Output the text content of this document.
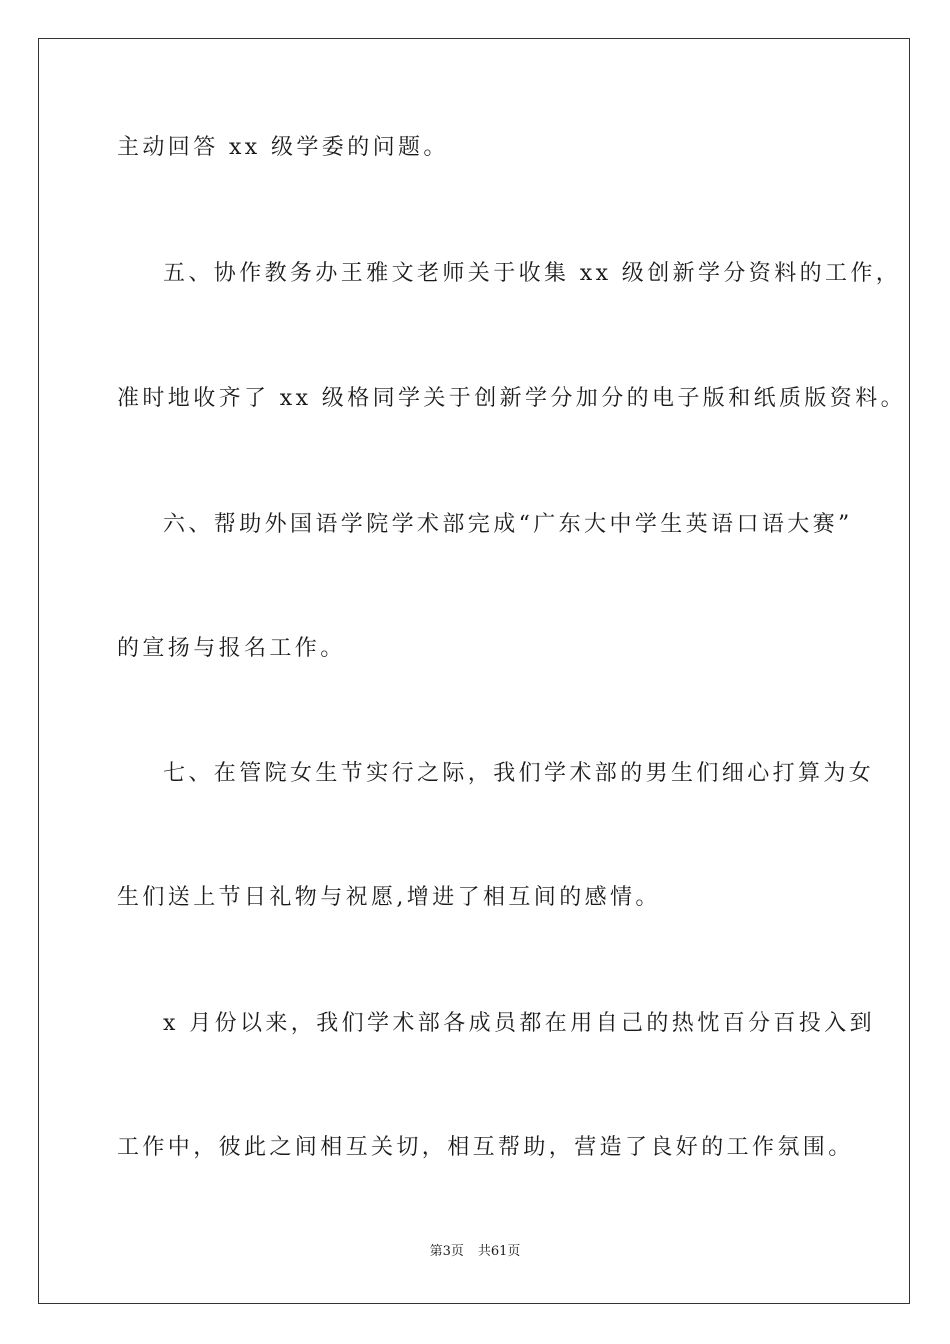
主动回答 xx 级学委的问题。
五、协作教务办王雅文老师关于收集 xx 级创新学分资料的工作，
准时地收齐了 xx 级格同学关于创新学分加分的电子版和纸质版资料。
六、帮助外国语学院学术部完成“广东大中学生英语口语大赛”
的宣扬与报名工作。
七、在管院女生节实行之际，我们学术部的男生们细心打算为女
生们送上节日礼物与祝愿,增进了相互间的感情。
x 月份以来，我们学术部各成员都在用自己的热忱百分百投入到
工作中，彼此之间相互关切，相互帮助，营造了良好的工作氛围。
第3页 共61页
